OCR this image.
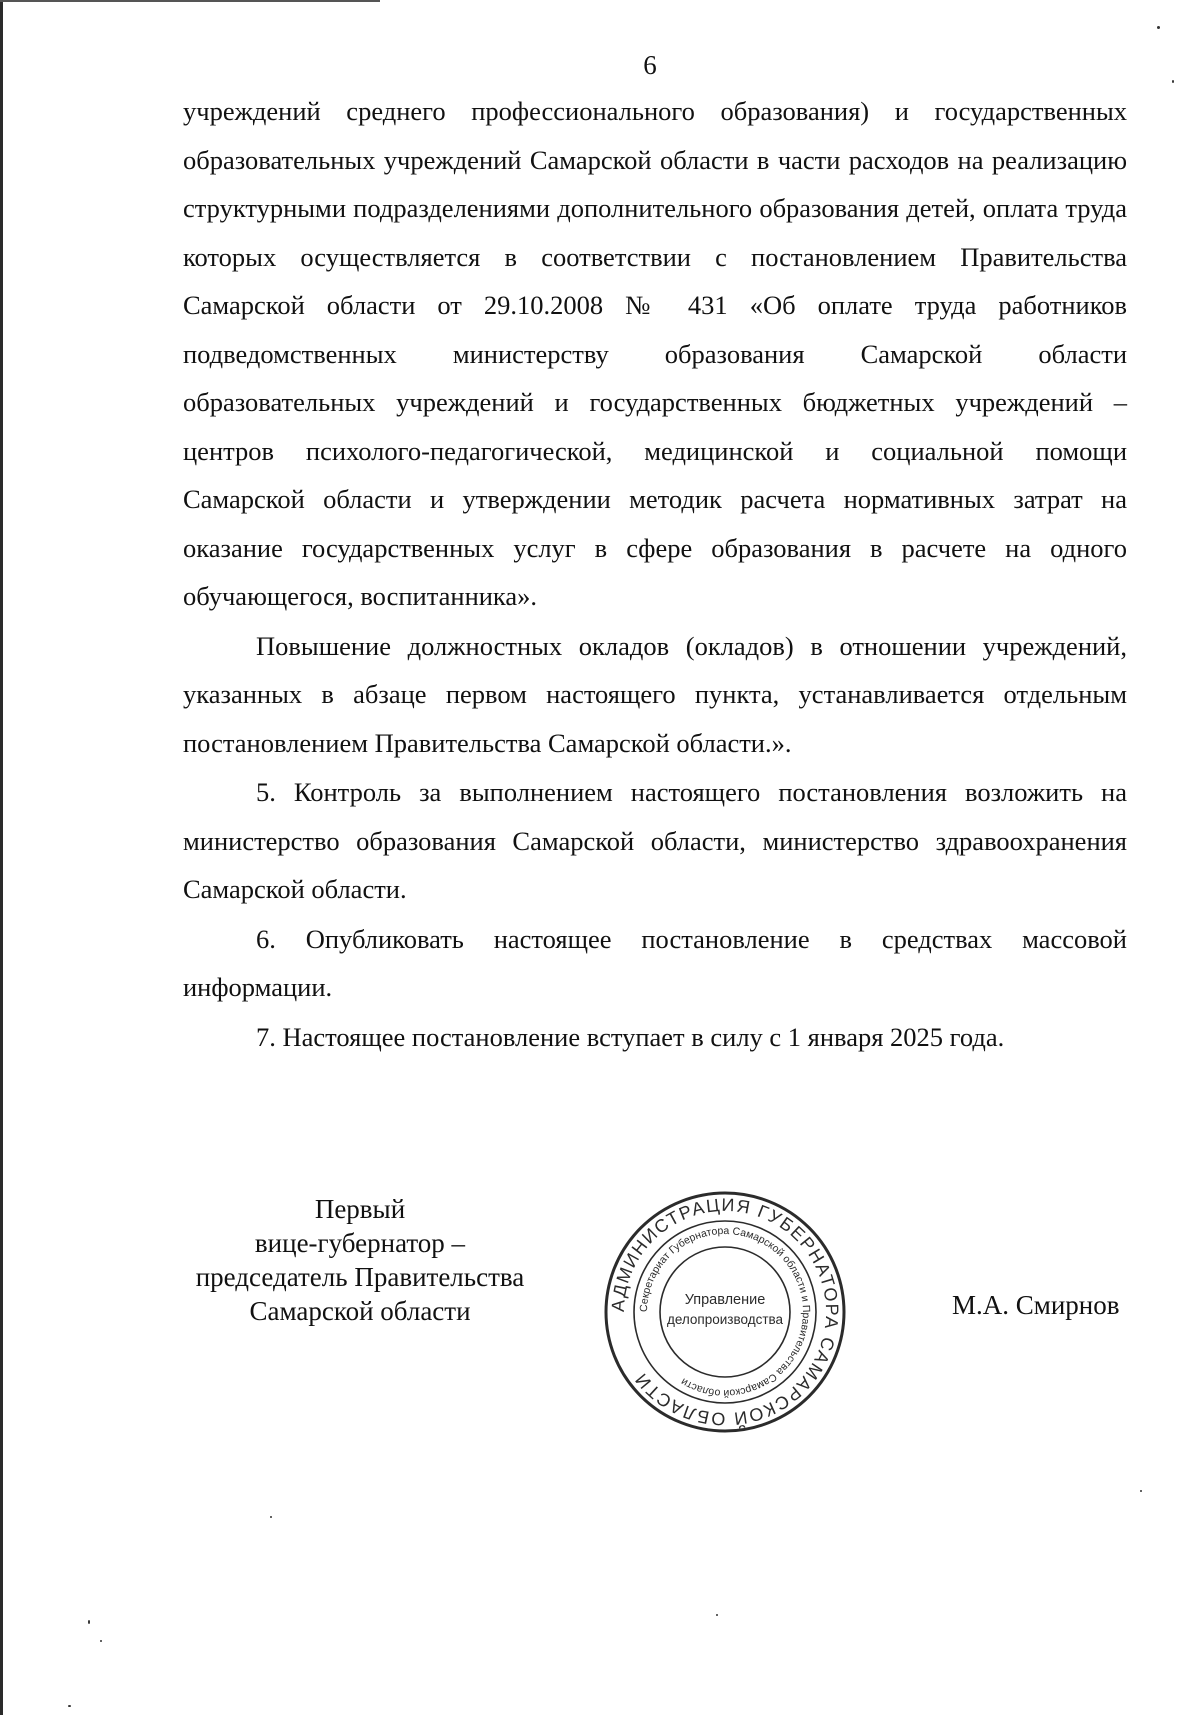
6

учреждений среднего профессионального образования) и государственных образовательных учреждений Самарской области в части расходов на реализацию структурными подразделениями дополнительного образования детей, оплата труда которых осуществляется в соответствии с постановлением Правительства Самарской области от 29.10.2008 № 431 «Об оплате труда работников подведомственных министерству образования Самарской области образовательных учреждений и государственных бюджетных учреждений – центров психолого-педагогической, медицинской и социальной помощи Самарской области и утверждении методик расчета нормативных затрат на оказание государственных услуг в сфере образования в расчете на одного обучающегося, воспитанника».

Повышение должностных окладов (окладов) в отношении учреждений, указанных в абзаце первом настоящего пункта, устанавливается отдельным постановлением Правительства Самарской области.».

5. Контроль за выполнением настоящего постановления возложить на министерство образования Самарской области, министерство здравоохранения Самарской области.

6. Опубликовать настоящее постановление в средствах массовой информации.

7. Настоящее постановление вступает в силу с 1 января 2025 года.

Первый
вице-губернатор –
председатель Правительства
Самарской области	АДМИНИСТРАЦИЯ ГУБЕРНАТОРА САМАРСКОЙ ОБЛАСТИ
Секретариат Губернатора Самарской области и Правительства Самарской области
Управление
делопроизводства	М.А. Смирнов
